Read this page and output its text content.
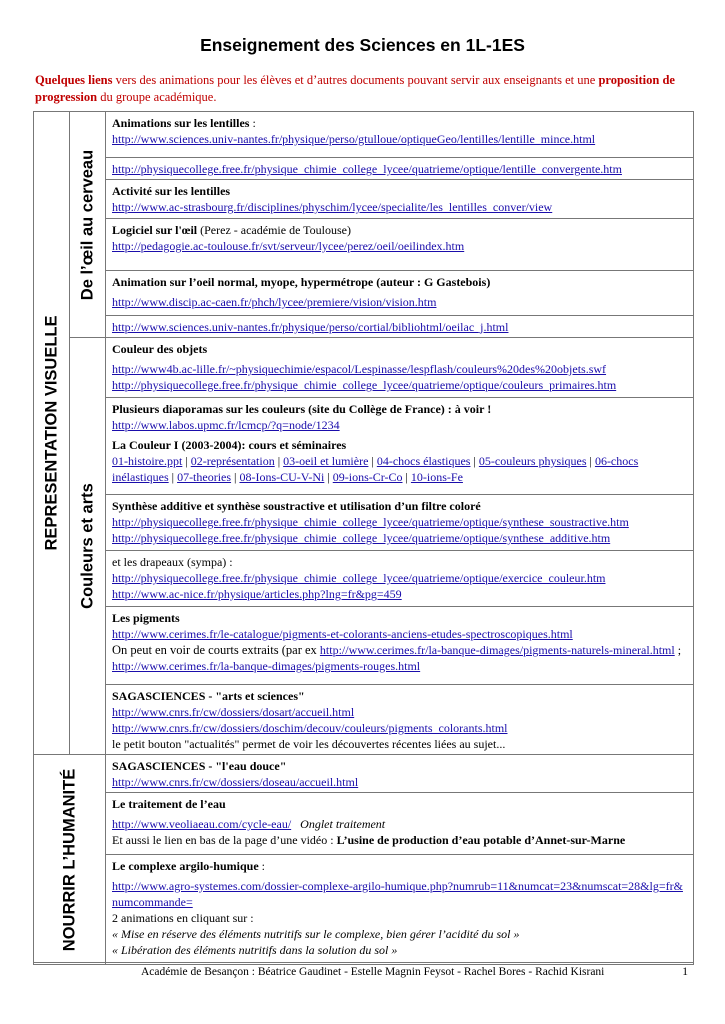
Enseignement des Sciences en 1L-1ES
Quelques liens vers des animations pour les élèves et d’autres documents pouvant servir aux enseignants et une proposition de progression du groupe académique.
REPRESENTATION VISUELLE	De l’œil au cerveau	Animations sur les lentilles :
http://www.sciences.univ-nantes.fr/physique/perso/gtulloue/optiqueGeo/lentilles/lentille_mince.html
		http://physiquecollege.free.fr/physique_chimie_college_lycee/quatrieme/optique/lentille_convergente.htm
		Activité sur les lentilles
http://www.ac-strasbourg.fr/disciplines/physchim/lycee/specialite/les_lentilles_conver/view
		Logiciel sur l'œil (Perez - académie de Toulouse)
http://pedagogie.ac-toulouse.fr/svt/serveur/lycee/perez/oeil/oeilindex.htm
		Animation sur l’oeil normal, myope, hypermétrope (auteur : G Gastebois)

http://www.discip.ac-caen.fr/phch/lycee/premiere/vision/vision.htm

		http://www.sciences.univ-nantes.fr/physique/perso/cortial/bibliohtml/oeilac_j.html

	Couleurs et arts	Couleur des objets

http://www4b.ac-lille.fr/~physiquechimie/espacol/Lespinasse/lespflash/couleurs%20des%20objets.swf
http://physiquecollege.free.fr/physique_chimie_college_lycee/quatrieme/optique/couleurs_primaires.htm
		Plusieurs diaporamas sur les couleurs (site du Collège de France) : à voir !
http://www.labos.upmc.fr/lcmcp/?q=node/1234
La Couleur I (2003-2004): cours et séminaires
01-histoire.ppt | 02-représentation | 03-oeil et lumière | 04-chocs élastiques | 05-couleurs physiques | 06-chocs inélastiques | 07-theories | 08-Ions-CU-V-Ni | 09-ions-Cr-Co | 10-ions-Fe

		Synthèse additive et synthèse soustractive et utilisation d’un filtre coloré
http://physiquecollege.free.fr/physique_chimie_college_lycee/quatrieme/optique/synthese_soustractive.htm
http://physiquecollege.free.fr/physique_chimie_college_lycee/quatrieme/optique/synthese_additive.htm
		et les drapeaux (sympa) :
http://physiquecollege.free.fr/physique_chimie_college_lycee/quatrieme/optique/exercice_couleur.htm
http://www.ac-nice.fr/physique/articles.php?lng=fr&pg=459
		Les pigments
http://www.cerimes.fr/le-catalogue/pigments-et-colorants-anciens-etudes-spectroscopiques.html
On peut en voir de courts extraits (par ex http://www.cerimes.fr/la-banque-dimages/pigments-naturels-mineral.html ; http://www.cerimes.fr/la-banque-dimages/pigments-rouges.html
		SAGASCIENCES - "arts et sciences"
http://www.cnrs.fr/cw/dossiers/dosart/accueil.html
http://www.cnrs.fr/cw/dossiers/doschim/decouv/couleurs/pigments_colorants.html
le petit bouton "actualités" permet de voir les découvertes récentes liées au sujet...

NOURRIR L’HUMANITÉ		SAGASCIENCES - "l'eau douce"
http://www.cnrs.fr/cw/dossiers/doseau/accueil.html
		Le traitement de l’eau

http://www.veoliaeau.com/cycle-eau/ Onglet traitement
Et aussi le lien en bas de la page d’une vidéo : L’usine de production d’eau potable d’Annet-sur-Marne
		Le complexe argilo-humique :

http://www.agro-systemes.com/dossier-complexe-argilo-humique.php?numrub=11&numcat=23&numscat=28&lg=fr&numcommande=
2 animations en cliquant sur :
« Mise en réserve des éléments nutritifs sur le complexe, bien gérer l’acidité du sol »
« Libération des éléments nutritifs dans la solution du sol »
Académie de Besançon : Béatrice Gaudinet - Estelle Magnin Feysot - Rachel Bores - Rachid Kisrani	1
